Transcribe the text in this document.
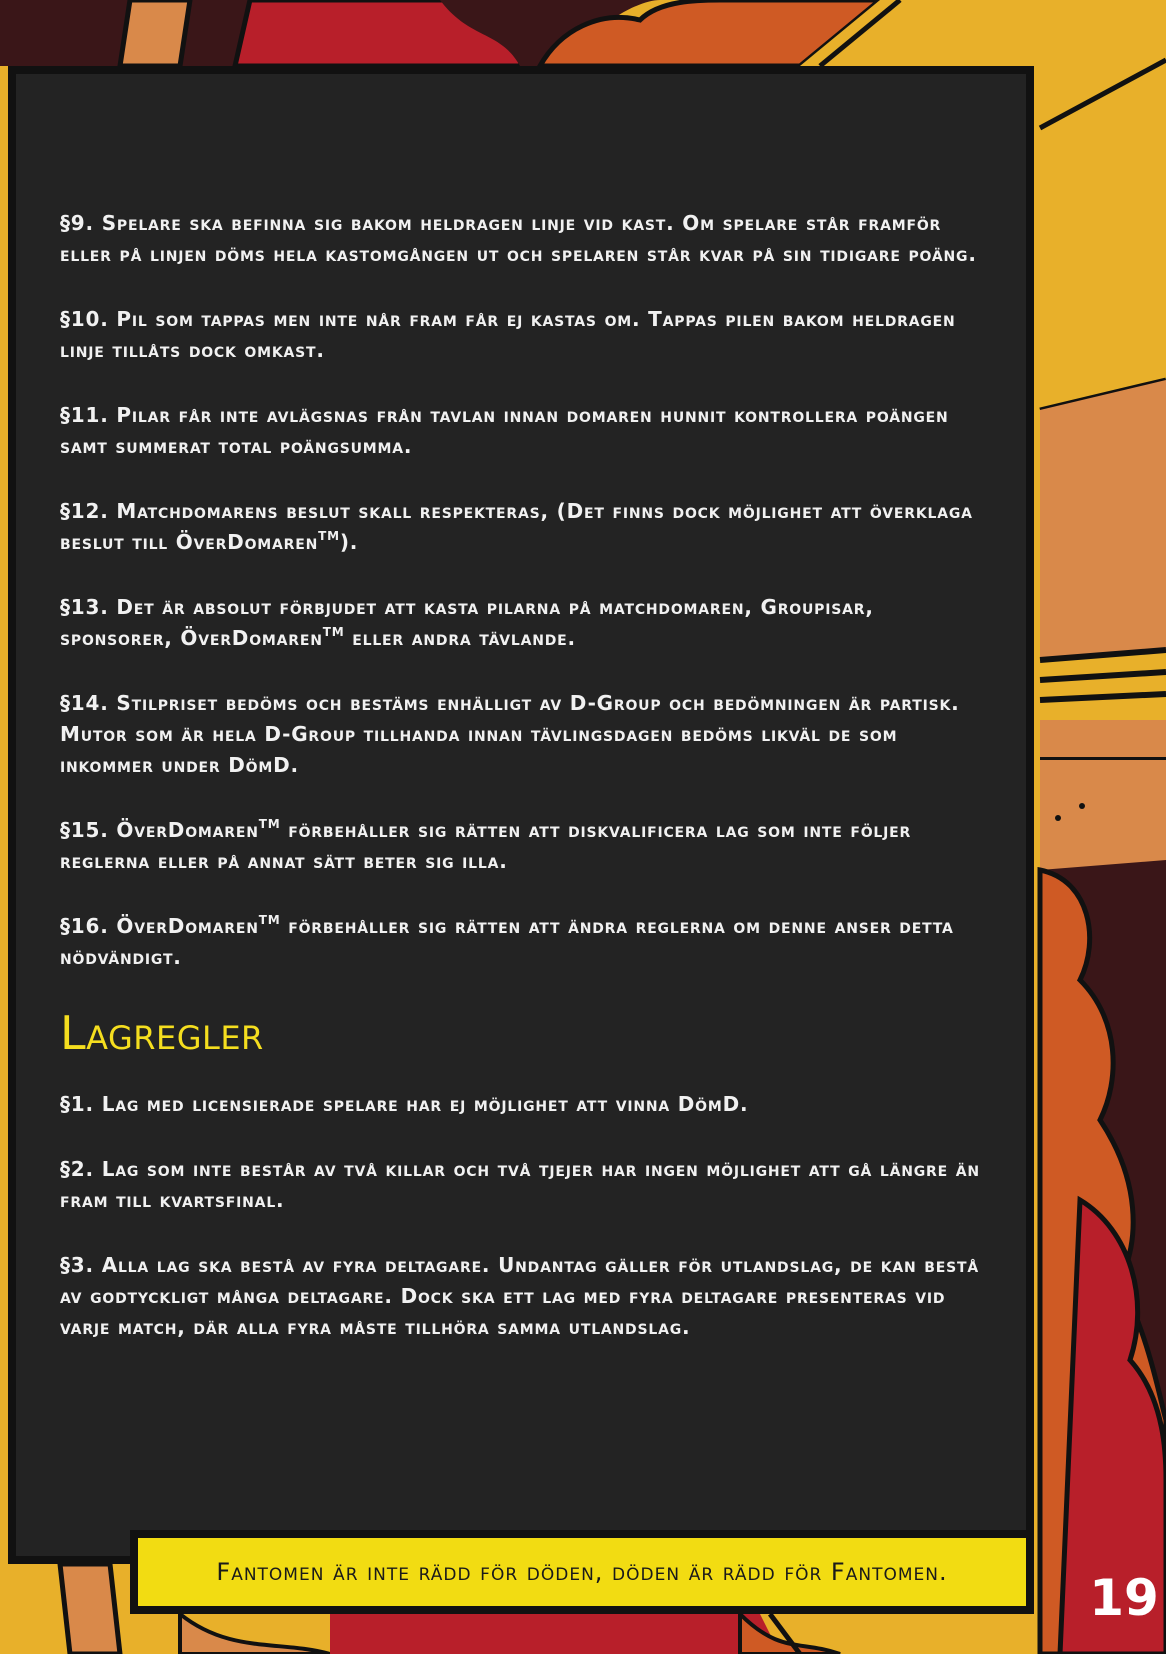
§9. Spelare ska befinna sig bakom heldragen linje vid kast. Om spelare står framför eller på linjen döms hela kastomgången ut och spelaren står kvar på sin tidigare poäng.

§10. Pil som tappas men inte når fram får ej kastas om. Tappas pilen bakom heldragen linje tillåts dock omkast.

§11. Pilar får inte avlägsnas från tavlan innan domaren hunnit kontrollera poängen samt summerat total poängsumma.

§12. Matchdomarens beslut skall respekteras, (Det finns dock möjlighet att överklaga beslut till ÖverDomaren™).

§13. Det är absolut förbjudet att kasta pilarna på matchdomaren, Groupisar, sponsorer, ÖverDomaren™ eller andra tävlande.

§14. Stilpriset bedöms och bestäms enhälligt av D-Group och bedömningen är partisk. Mutor som är hela D-Group tillhanda innan tävlingsdagen bedöms likväl de som inkommer under DömD.

§15. ÖverDomaren™ förbehåller sig rätten att diskvalificera lag som inte följer reglerna eller på annat sätt beter sig illa.

§16. ÖverDomaren™ förbehåller sig rätten att ändra reglerna om denne anser detta nödvändigt.

Lagregler

§1. Lag med licensierade spelare har ej möjlighet att vinna DömD.

§2. Lag som inte består av två killar och två tjejer har ingen möjlighet att gå längre än fram till kvartsfinal.

§3. Alla lag ska bestå av fyra deltagare. Undantag gäller för utlandslag, de kan bestå av godtyckligt många deltagare. Dock ska ett lag med fyra deltagare presenteras vid varje match, där alla fyra måste tillhöra samma utlandslag.

Fantomen är inte rädd för döden, döden är rädd för Fantomen.	19
